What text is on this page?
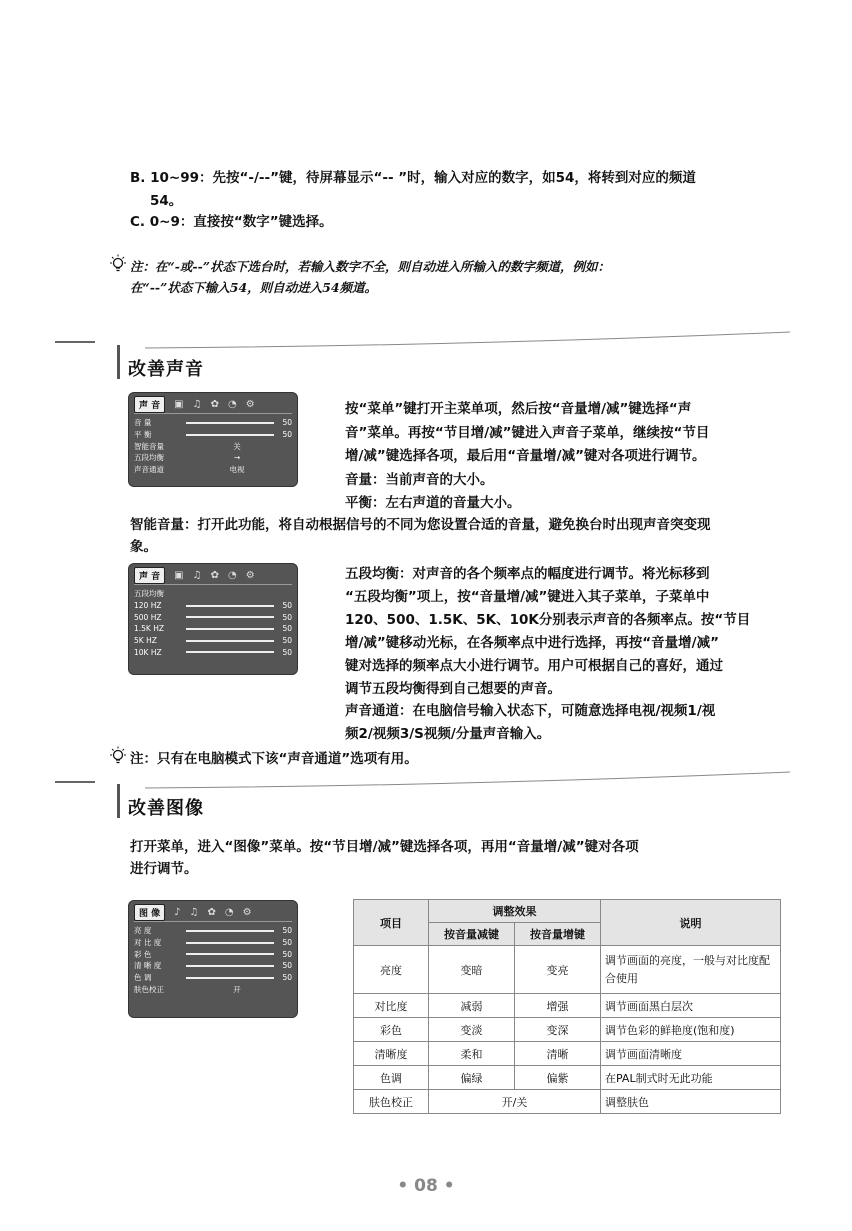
B. 10~99：先按“-/--”键，待屏幕显示“-- ”时，输入对应的数字，如54，将转到对应的频道
54。
C. 0~9：直接按“数字”键选择。
注：在“-或--”状态下选台时，若输入数字不全，则自动进入所输入的数字频道，例如：
在“--”状态下输入54，则自动进入54频道。
改善声音
声 音	▣ ♫ ✿ ◔ ⚙
音 量	50
平 衡	50
智能音量	关
五段均衡	→
声音通道	电视
按“菜单”键打开主菜单项，然后按“音量增/减”键选择“声
音”菜单。再按“节目增/减”键进入声音子菜单，继续按“节目
增/减”键选择各项，最后用“音量增/减”键对各项进行调节。
音量：当前声音的大小。
平衡：左右声道的音量大小。
智能音量：打开此功能，将自动根据信号的不同为您设置合适的音量，避免换台时出现声音突变现
象。
声 音	▣ ♫ ✿ ◔ ⚙
五段均衡
120 HZ	50
500 HZ	50
1.5K HZ	50
5K HZ	50
10K HZ	50
五段均衡：对声音的各个频率点的幅度进行调节。将光标移到
“五段均衡”项上，按“音量增/减”键进入其子菜单，子菜单中
120、500、1.5K、5K、10K分别表示声音的各频率点。按“节目
增/减”键移动光标，在各频率点中进行选择，再按“音量增/减”
键对选择的频率点大小进行调节。用户可根据自己的喜好，通过
调节五段均衡得到自己想要的声音。
声音通道：在电脑信号输入状态下，可随意选择电视/视频1/视
频2/视频3/S视频/分量声音输入。
注：只有在电脑模式下该“声音通道”选项有用。
改善图像
打开菜单，进入“图像”菜单。按“节目增/减”键选择各项，再用“音量增/减”键对各项
进行调节。
图 像	♪ ♫ ✿ ◔ ⚙
亮 度	50
对 比 度	50
彩 色	50
清 晰 度	50
色 调	50
肤色校正	开
项目	调整效果		说明
	按音量减键	按音量增键	
亮度	变暗	变亮	调节画面的亮度，一般与对比度配合使用
对比度	减弱	增强	调节画面黑白层次
彩色	变淡	变深	调节色彩的鲜艳度(饱和度)
清晰度	柔和	清晰	调节画面清晰度
色调	偏绿	偏紫	在PAL制式时无此功能
肤色校正	开/关		调整肤色
• 08 •
